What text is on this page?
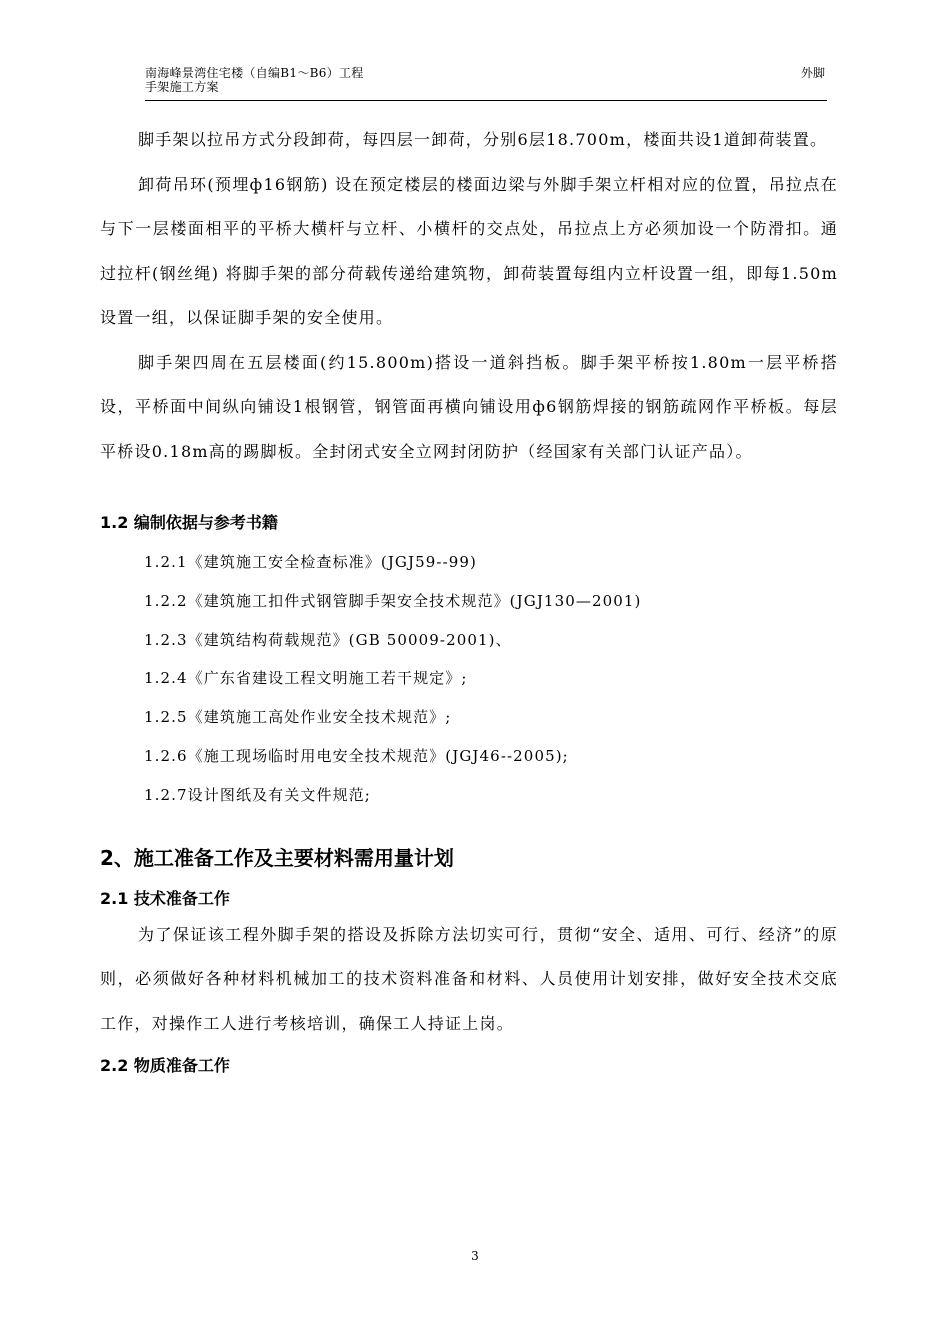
南海峰景湾住宅楼（自编B1～B6）工程
手架施工方案
外脚

脚手架以拉吊方式分段卸荷，每四层一卸荷，分别6层18.700m，楼面共设1道卸荷装置。

卸荷吊环(预埋ф16钢筋) 设在预定楼层的楼面边梁与外脚手架立杆相对应的位置，吊拉点在与下一层楼面相平的平桥大横杆与立杆、小横杆的交点处，吊拉点上方必须加设一个防滑扣。通过拉杆(钢丝绳) 将脚手架的部分荷载传递给建筑物，卸荷装置每组内立杆设置一组，即每1.50m设置一组，以保证脚手架的安全使用。

脚手架四周在五层楼面(约15.800m)搭设一道斜挡板。脚手架平桥按1.80m一层平桥搭设，平桥面中间纵向铺设1根钢管，钢管面再横向铺设用ф6钢筋焊接的钢筋疏网作平桥板。每层平桥设0.18m高的踢脚板。全封闭式安全立网封闭防护（经国家有关部门认证产品）。

1.2 编制依据与参考书籍
1.2.1《建筑施工安全检查标准》(JGJ59--99)
1.2.2《建筑施工扣件式钢管脚手架安全技术规范》(JGJ130—2001)
1.2.3《建筑结构荷载规范》(GB 50009-2001)、
1.2.4《广东省建设工程文明施工若干规定》;
1.2.5《建筑施工高处作业安全技术规范》;
1.2.6《施工现场临时用电安全技术规范》(JGJ46--2005);
1.2.7设计图纸及有关文件规范;
2、施工准备工作及主要材料需用量计划
2.1 技术准备工作

为了保证该工程外脚手架的搭设及拆除方法切实可行，贯彻“安全、适用、可行、经济”的原则，必须做好各种材料机械加工的技术资料准备和材料、人员使用计划安排，做好安全技术交底工作，对操作工人进行考核培训，确保工人持证上岗。

2.2 物质准备工作
3
